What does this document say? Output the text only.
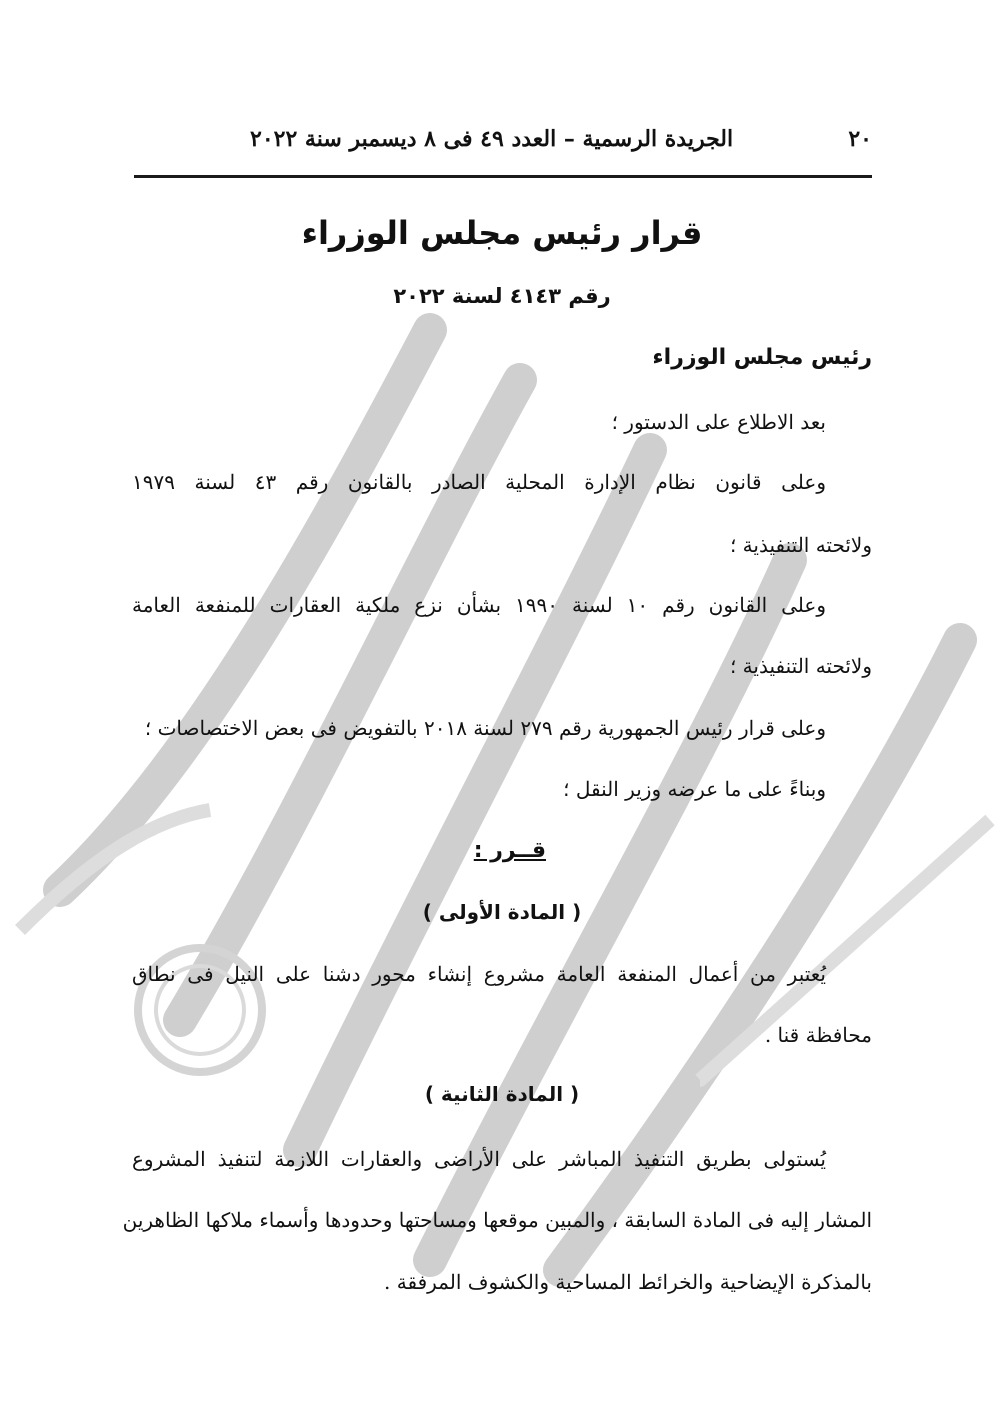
٢٠
الجريدة الرسمية – العدد ٤٩ فى ٨ ديسمبر سنة ٢٠٢٢
قرار رئيس مجلس الوزراء
رقم ٤١٤٣ لسنة ٢٠٢٢
رئيس مجلس الوزراء
بعد الاطلاع على الدستور ؛
وعلى قانون نظام الإدارة المحلية الصادر بالقانون رقم ٤٣ لسنة ١٩٧٩
ولائحته التنفيذية ؛
وعلى القانون رقم ١٠ لسنة ١٩٩٠ بشأن نزع ملكية العقارات للمنفعة العامة
ولائحته التنفيذية ؛
وعلى قرار رئيس الجمهورية رقم ٢٧٩ لسنة ٢٠١٨ بالتفويض فى بعض الاختصاصات ؛
وبناءً على ما عرضه وزير النقل ؛
قــرر :
( المادة الأولى )
يُعتبر من أعمال المنفعة العامة مشروع إنشاء محور دشنا على النيل فى نطاق
محافظة قنا .
( المادة الثانية )
يُستولى بطريق التنفيذ المباشر على الأراضى والعقارات اللازمة لتنفيذ المشروع
المشار إليه فى المادة السابقة ، والمبين موقعها ومساحتها وحدودها وأسماء ملاكها الظاهرين
بالمذكرة الإيضاحية والخرائط المساحية والكشوف المرفقة .
